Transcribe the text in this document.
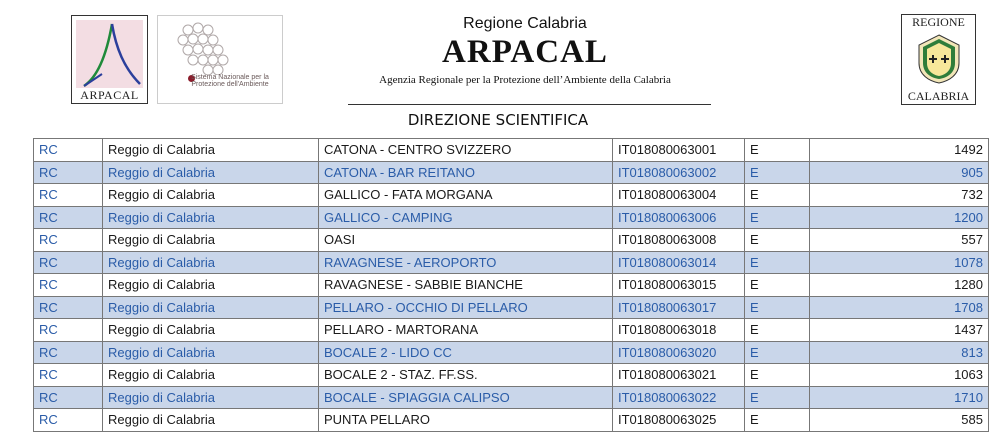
ARPACAL
Sistema Nazionale per la Protezione dell'Ambiente
Regione Calabria
ARPACAL
Agenzia Regionale per la Protezione dell’Ambiente della Calabria
REGIONE
CALABRIA
DIREZIONE SCIENTIFICA
RC	Reggio di Calabria	CATONA - CENTRO SVIZZERO	IT018080063001	E	1492
RC	Reggio di Calabria	CATONA - BAR REITANO	IT018080063002	E	905
RC	Reggio di Calabria	GALLICO - FATA MORGANA	IT018080063004	E	732
RC	Reggio di Calabria	GALLICO - CAMPING	IT018080063006	E	1200
RC	Reggio di Calabria	OASI	IT018080063008	E	557
RC	Reggio di Calabria	RAVAGNESE - AEROPORTO	IT018080063014	E	1078
RC	Reggio di Calabria	RAVAGNESE - SABBIE BIANCHE	IT018080063015	E	1280
RC	Reggio di Calabria	PELLARO - OCCHIO DI PELLARO	IT018080063017	E	1708
RC	Reggio di Calabria	PELLARO - MARTORANA	IT018080063018	E	1437
RC	Reggio di Calabria	BOCALE 2 - LIDO CC	IT018080063020	E	813
RC	Reggio di Calabria	BOCALE 2 - STAZ. FF.SS.	IT018080063021	E	1063
RC	Reggio di Calabria	BOCALE - SPIAGGIA CALIPSO	IT018080063022	E	1710
RC	Reggio di Calabria	PUNTA PELLARO	IT018080063025	E	585
